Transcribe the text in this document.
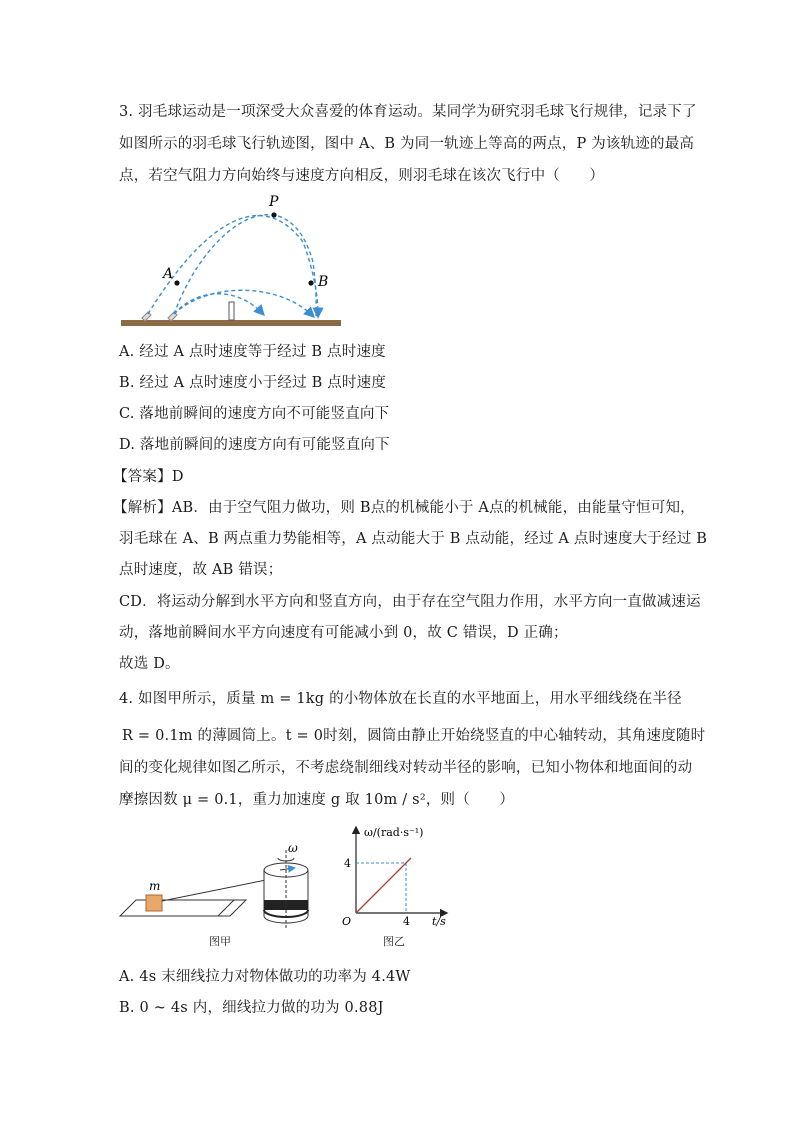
3. 羽毛球运动是一项深受大众喜爱的体育运动。某同学为研究羽毛球飞行规律，记录下了
如图所示的羽毛球飞行轨迹图，图中 A、B 为同一轨迹上等高的两点，P 为该轨迹的最高
点，若空气阻力方向始终与速度方向相反，则羽毛球在该次飞行中（　　）
P
A	B
A. 经过 A 点时速度等于经过 B 点时速度
B. 经过 A 点时速度小于经过 B 点时速度
C. 落地前瞬间的速度方向不可能竖直向下
D. 落地前瞬间的速度方向有可能竖直向下
【答案】D
【解析】AB．由于空气阻力做功，则 B点的机械能小于 A点的机械能，由能量守恒可知，
羽毛球在 A、B 两点重力势能相等，A 点动能大于 B 点动能，经过 A 点时速度大于经过 B
点时速度，故 AB 错误；
CD．将运动分解到水平方向和竖直方向，由于存在空气阻力作用，水平方向一直做减速运
动，落地前瞬间水平方向速度有可能减小到 0，故 C 错误，D 正确；
故选 D。
4. 如图甲所示，质量 m = 1kg 的小物体放在长直的水平地面上，用水平细线绕在半径
R = 0.1m 的薄圆筒上。t = 0时刻，圆筒由静止开始绕竖直的中心轴转动，其角速度随时
间的变化规律如图乙所示，不考虑绕制细线对转动半径的影响，已知小物体和地面间的动
摩擦因数 μ = 0.1，重力加速度 g 取 10m / s²，则（　　）
m
ω
图甲
ω/(rad·s⁻¹)
t/s
O
4
4
图乙
A. 4s 末细线拉力对物体做功的功率为 4.4W
B. 0 ~ 4s 内，细线拉力做的功为 0.88J
